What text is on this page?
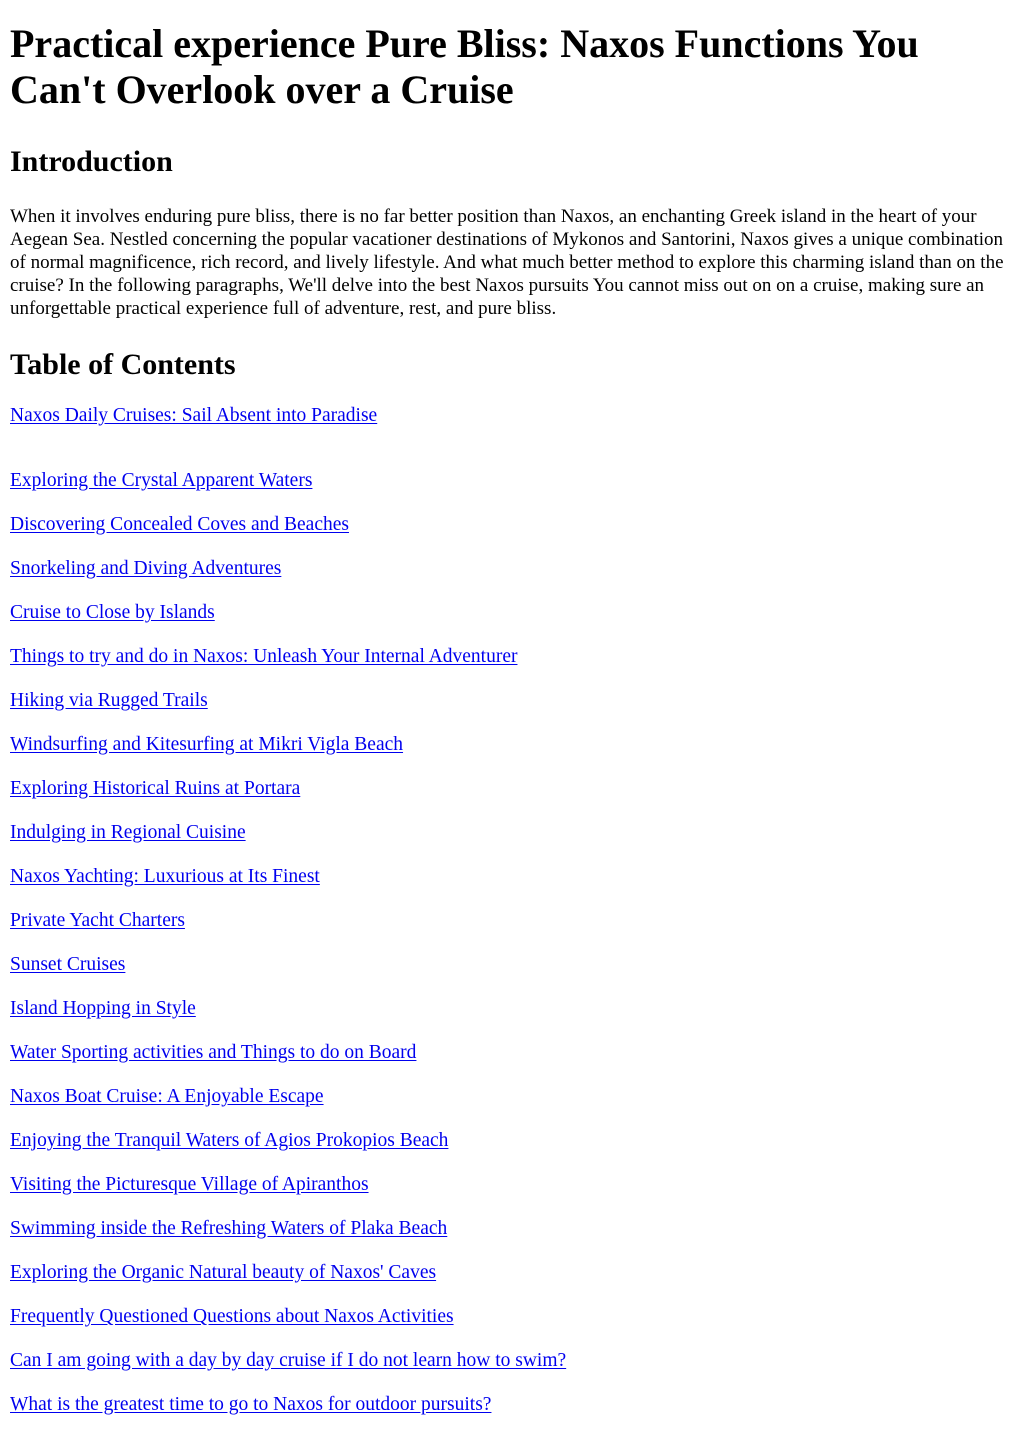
Practical experience Pure Bliss: Naxos Functions You Can't Overlook over a Cruise
Introduction

When it involves enduring pure bliss, there is no far better position than Naxos, an enchanting Greek island in the heart of your Aegean Sea. Nestled concerning the popular vacationer destinations of Mykonos and Santorini, Naxos gives a unique combination of normal magnificence, rich record, and lively lifestyle. And what much better method to explore this charming island than on the cruise? In the following paragraphs, We'll delve into the best Naxos pursuits You cannot miss out on on a cruise, making sure an unforgettable practical experience full of adventure, rest, and pure bliss.

Table of Contents
Naxos Daily Cruises: Sail Absent into Paradise
Exploring the Crystal Apparent Waters
Discovering Concealed Coves and Beaches
Snorkeling and Diving Adventures
Cruise to Close by Islands
Things to try and do in Naxos: Unleash Your Internal Adventurer
Hiking via Rugged Trails
Windsurfing and Kitesurfing at Mikri Vigla Beach
Exploring Historical Ruins at Portara
Indulging in Regional Cuisine
Naxos Yachting: Luxurious at Its Finest
Private Yacht Charters
Sunset Cruises
Island Hopping in Style
Water Sporting activities and Things to do on Board
Naxos Boat Cruise: A Enjoyable Escape
Enjoying the Tranquil Waters of Agios Prokopios Beach
Visiting the Picturesque Village of Apiranthos
Swimming inside the Refreshing Waters of Plaka Beach
Exploring the Organic Natural beauty of Naxos' Caves
Frequently Questioned Questions about Naxos Activities
Can I am going with a day by day cruise if I do not learn how to swim?
What is the greatest time to go to Naxos for outdoor pursuits?
